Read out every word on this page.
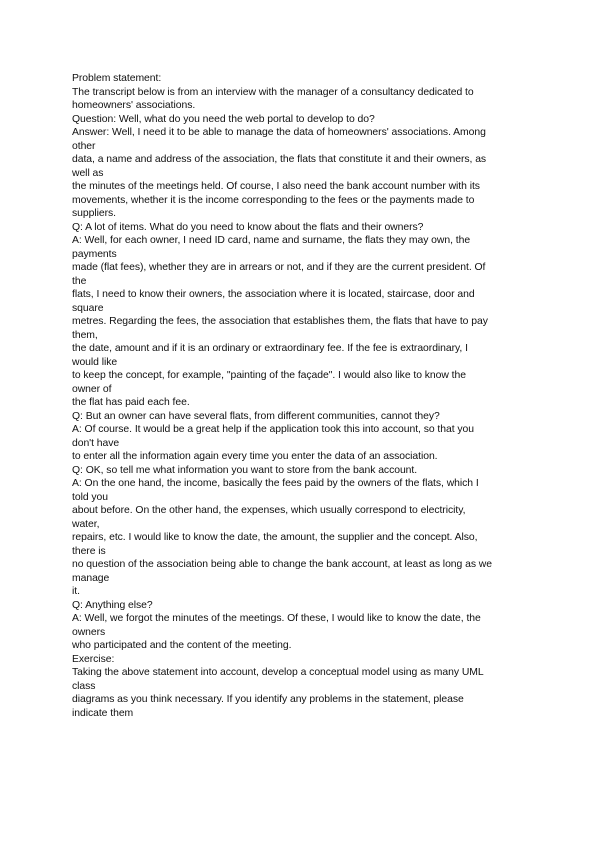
Problem statement:
The transcript below is from an interview with the manager of a consultancy dedicated to
homeowners' associations.
Question: Well, what do you need the web portal to develop to do?
Answer: Well, I need it to be able to manage the data of homeowners' associations. Among
other
data, a name and address of the association, the flats that constitute it and their owners, as
well as
the minutes of the meetings held. Of course, I also need the bank account number with its
movements, whether it is the income corresponding to the fees or the payments made to
suppliers.
Q: A lot of items. What do you need to know about the flats and their owners?
A: Well, for each owner, I need ID card, name and surname, the flats they may own, the
payments
made (flat fees), whether they are in arrears or not, and if they are the current president. Of
the
flats, I need to know their owners, the association where it is located, staircase, door and
square
metres. Regarding the fees, the association that establishes them, the flats that have to pay
them,
the date, amount and if it is an ordinary or extraordinary fee. If the fee is extraordinary, I
would like
to keep the concept, for example, "painting of the façade". I would also like to know the
owner of
the flat has paid each fee.
Q: But an owner can have several flats, from different communities, cannot they?
A: Of course. It would be a great help if the application took this into account, so that you
don't have
to enter all the information again every time you enter the data of an association.
Q: OK, so tell me what information you want to store from the bank account.
A: On the one hand, the income, basically the fees paid by the owners of the flats, which I
told you
about before. On the other hand, the expenses, which usually correspond to electricity,
water,
repairs, etc. I would like to know the date, the amount, the supplier and the concept. Also,
there is
no question of the association being able to change the bank account, at least as long as we
manage
it.
Q: Anything else?
A: Well, we forgot the minutes of the meetings. Of these, I would like to know the date, the
owners
who participated and the content of the meeting.
Exercise:
Taking the above statement into account, develop a conceptual model using as many UML
class
diagrams as you think necessary. If you identify any problems in the statement, please
indicate them
